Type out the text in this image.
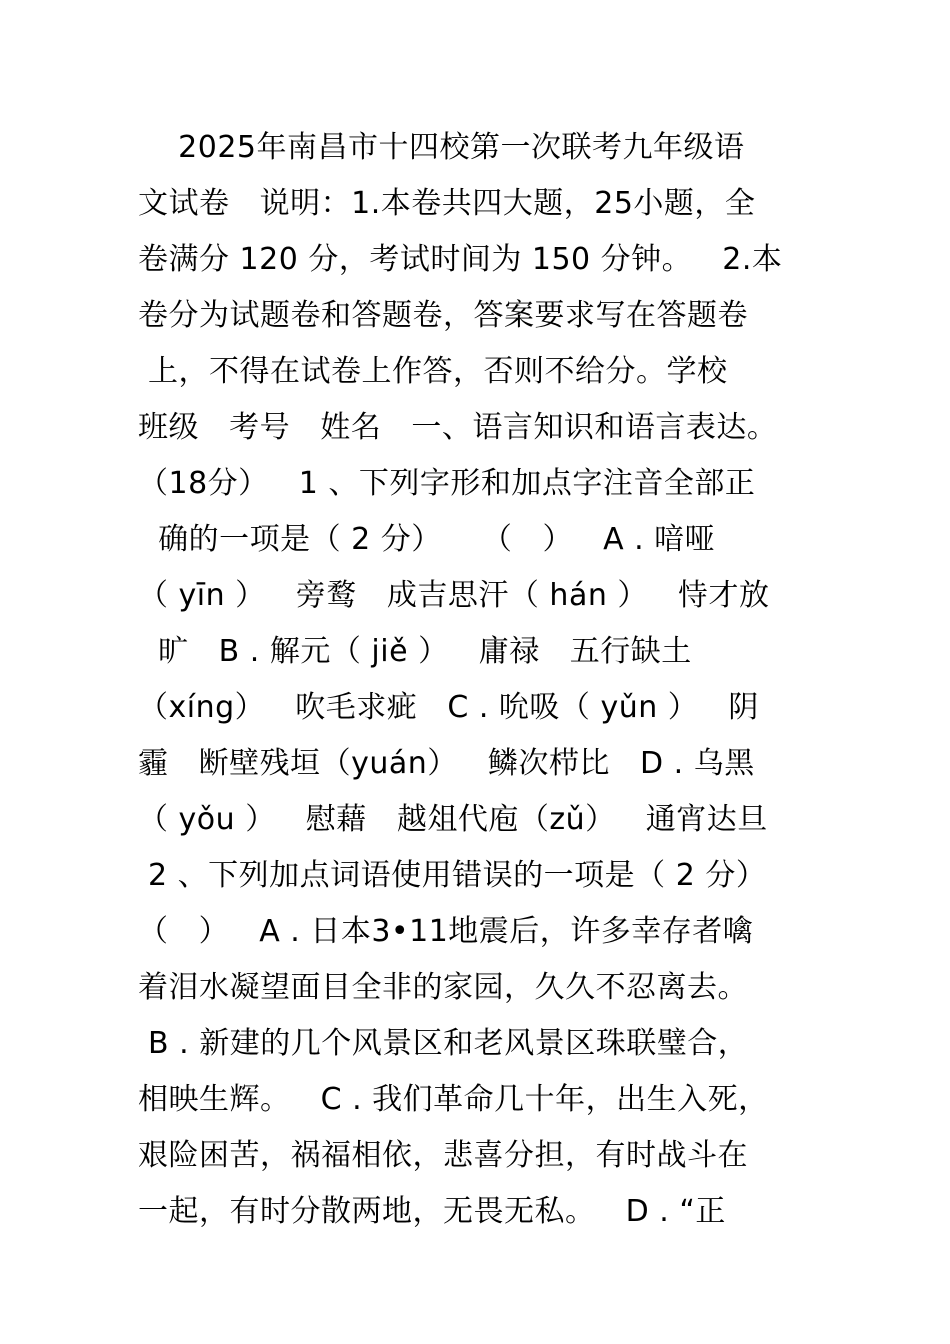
2025年南昌市十四校第一次联考九年级语
文试卷   说明：1.本卷共四大题，25小题，全
卷满分 120 分，考试时间为 150 分钟。   2.本
卷分为试题卷和答题卷，答案要求写在答题卷
上，不得在试卷上作答，否则不给分。学校
班级   考号   姓名   一、语言知识和语言表达。
（18分）   1 、下列字形和加点字注音全部正
确的一项是（ 2 分）    （   ）   A . 喑哑
（ yīn ）   旁鹜   成吉思汗（ hán ）   恃才放
旷   B . 解元（ jiě ）   庸禄   五行缺土
（xíng）   吹毛求疵   C . 吮吸（ yǔn ）   阴
霾   断壁残垣（yuán）   鳞次栉比   D . 乌黑
（ yǒu ）   慰藉   越俎代庖（zǔ）   通宵达旦
2 、下列加点词语使用错误的一项是（ 2 分）
（   ）   A . 日本3•11地震后，许多幸存者噙
着泪水凝望面目全非的家园，久久不忍离去。
B . 新建的几个风景区和老风景区珠联璧合，
相映生辉。   C . 我们革命几十年，出生入死，
艰险困苦，祸福相依，悲喜分担，有时战斗在
一起，有时分散两地，无畏无私。   D . “正
